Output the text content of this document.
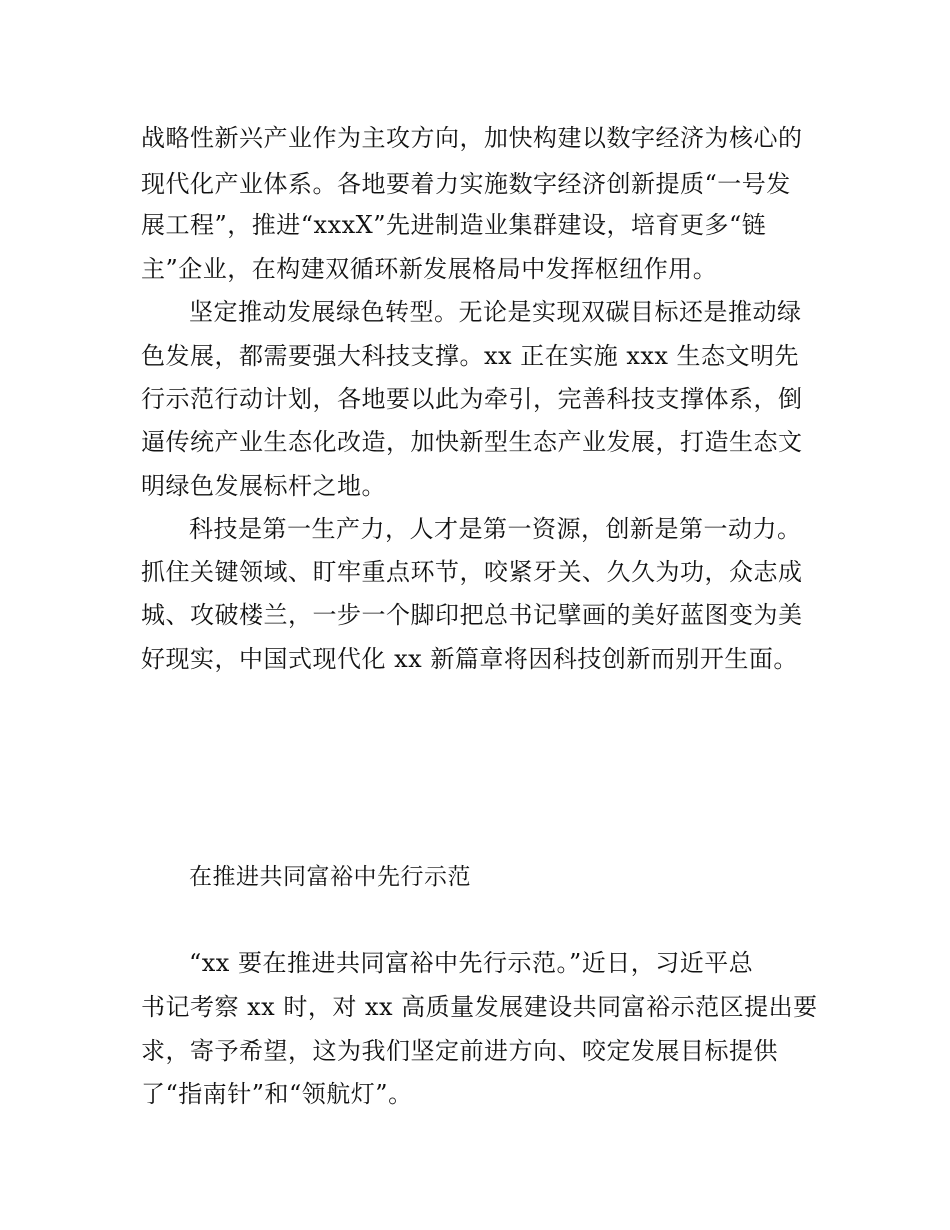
战略性新兴产业作为主攻方向，加快构建以数字经济为核心的
现代化产业体系。各地要着力实施数字经济创新提质“一号发
展工程”，推进“xxxX”先进制造业集群建设，培育更多“链
主”企业，在构建双循环新发展格局中发挥枢纽作用。
坚定推动发展绿色转型。无论是实现双碳目标还是推动绿
色发展，都需要强大科技支撑。xx 正在实施 xxx 生态文明先
行示范行动计划，各地要以此为牵引，完善科技支撑体系，倒
逼传统产业生态化改造，加快新型生态产业发展，打造生态文
明绿色发展标杆之地。
科技是第一生产力，人才是第一资源，创新是第一动力。
抓住关键领域、盯牢重点环节，咬紧牙关、久久为功，众志成
城、攻破楼兰，一步一个脚印把总书记擘画的美好蓝图变为美
好现实，中国式现代化 xx 新篇章将因科技创新而别开生面。
在推进共同富裕中先行示范
“xx 要在推进共同富裕中先行示范。”近日，习近平总
书记考察 xx 时，对 xx 高质量发展建设共同富裕示范区提出要
求，寄予希望，这为我们坚定前进方向、咬定发展目标提供
了“指南针”和“领航灯”。
